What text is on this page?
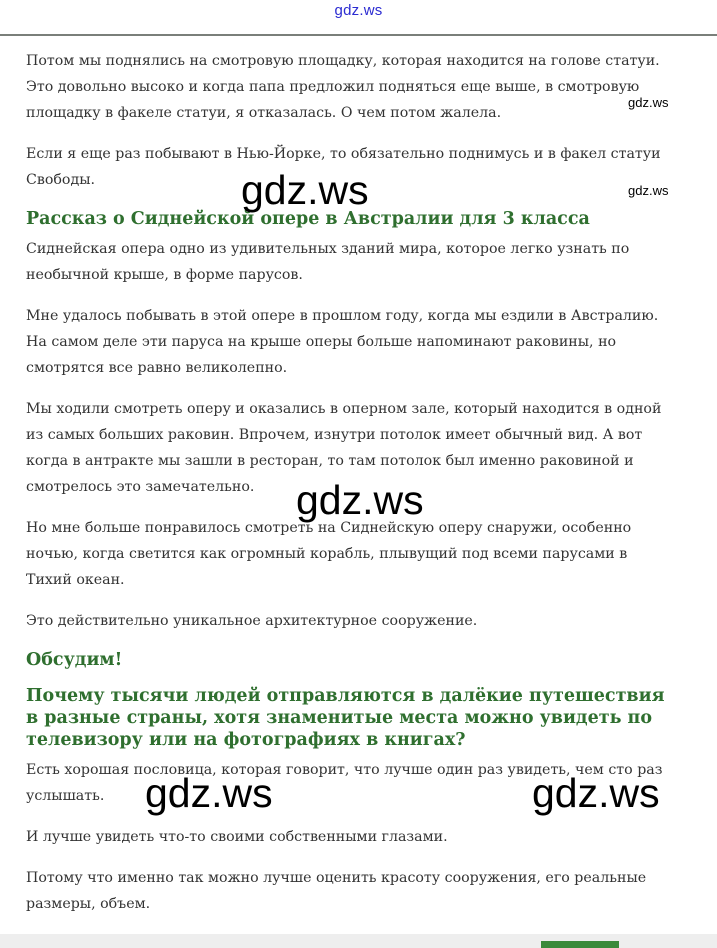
gdz.ws

Потом мы поднялись на смотровую площадку, которая находится на голове статуи. Это довольно высоко и когда папа предложил подняться еще выше, в смотровую площадку в факеле статуи, я отказалась. О чем потом жалела.

Если я еще раз побывают в Нью-Йорке, то обязательно поднимусь и в факел статуи Свободы.

Рассказ о Сиднейской опере в Австралии для 3 класса

Сиднейская опера одно из удивительных зданий мира, которое легко узнать по необычной крыше, в форме парусов.

Мне удалось побывать в этой опере в прошлом году, когда мы ездили в Австралию. На самом деле эти паруса на крыше оперы больше напоминают раковины, но смотрятся все равно великолепно.

Мы ходили смотреть оперу и оказались в оперном зале, который находится в одной из самых больших раковин. Впрочем, изнутри потолок имеет обычный вид. А вот когда в антракте мы зашли в ресторан, то там потолок был именно раковиной и смотрелось это замечательно.

Но мне больше понравилось смотреть на Сиднейскую оперу снаружи, особенно ночью, когда светится как огромный корабль, плывущий под всеми парусами в Тихий океан.

Это действительно уникальное архитектурное сооружение.

Обсудим!
Почему тысячи людей отправляются в далёкие путешествия в разные страны, хотя знаменитые места можно увидеть по телевизору или на фотографиях в книгах?

Есть хорошая пословица, которая говорит, что лучше один раз увидеть, чем сто раз услышать.

И лучше увидеть что-то своими собственными глазами.

Потому что именно так можно лучше оценить красоту сооружения, его реальные размеры, объем.

gdz.ws
gdz.ws
gdz.ws
gdz.ws
gdz.ws	gdz.ws
